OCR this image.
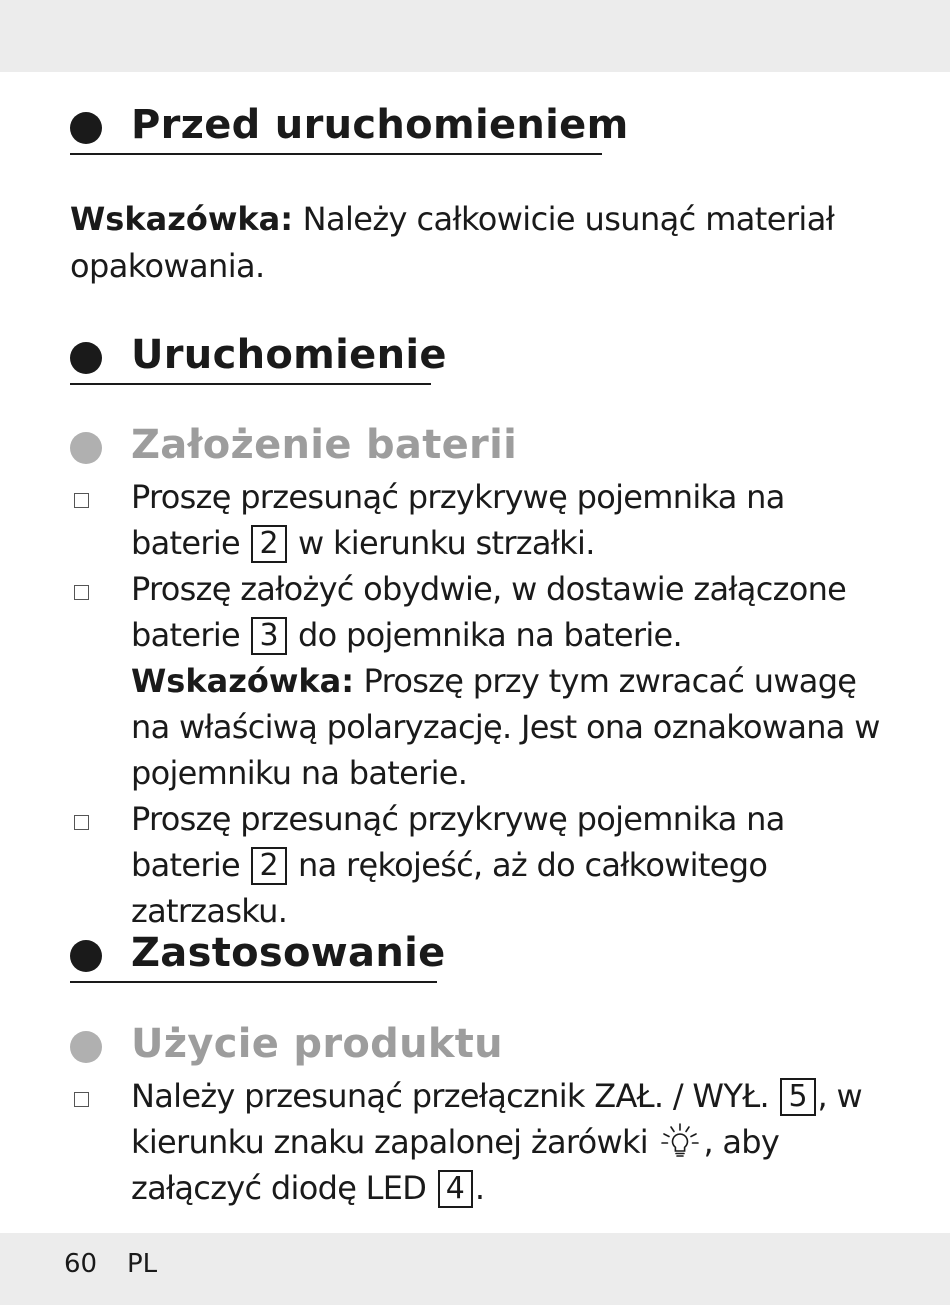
Przed uruchomieniem
Wskazówka: Należy całkowicie usunąć materiał opakowania.
Uruchomienie
Założenie baterii
Proszę przesunąć przykrywę pojemnika na baterie 2 w kierunku strzałki.
Proszę założyć obydwie, w dostawie załączone baterie 3 do pojemnika na baterie.
Wskazówka: Proszę przy tym zwracać uwagę na właściwą polaryzację. Jest ona oznakowana w pojemniku na baterie.
Proszę przesunąć przykrywę pojemnika na baterie 2 na rękojeść, aż do całkowitego zatrzasku.
Zastosowanie
Użycie produktu
Należy przesunąć przełącznik ZAŁ. / WYŁ. 5 , w kierunku znaku zapalonej żarówki , aby załączyć diodę LED 4 .
60 PL
